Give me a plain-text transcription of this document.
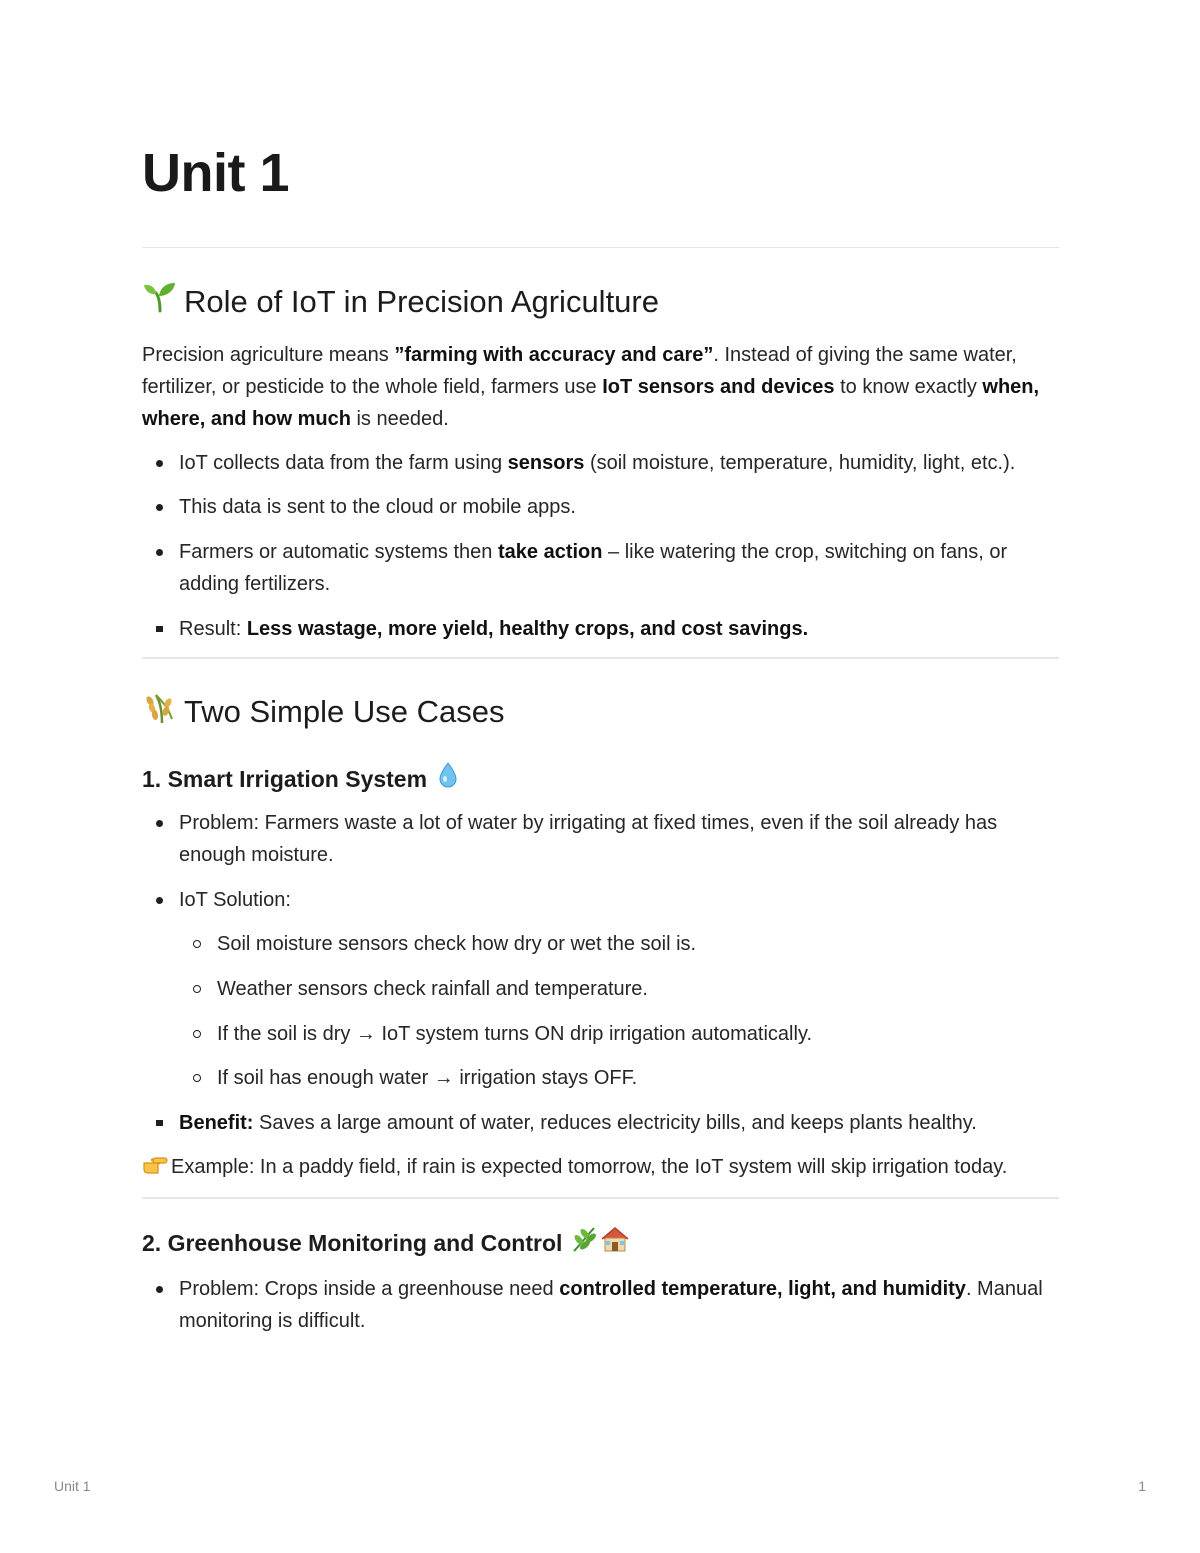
Unit 1
Role of IoT in Precision Agriculture

Precision agriculture means ”farming with accuracy and care”. Instead of giving the same water, fertilizer, or pesticide to the whole field, farmers use IoT sensors and devices to know exactly when, where, and how much is needed.

IoT collects data from the farm using sensors (soil moisture, temperature, humidity, light, etc.).
This data is sent to the cloud or mobile apps.
Farmers or automatic systems then take action – like watering the crop, switching on fans, or adding fertilizers.
Result: Less wastage, more yield, healthy crops, and cost savings.
Two Simple Use Cases
1. Smart Irrigation System
Problem: Farmers waste a lot of water by irrigating at fixed times, even if the soil already has enough moisture.
IoT Solution:
Soil moisture sensors check how dry or wet the soil is.
Weather sensors check rainfall and temperature.
If the soil is dry → IoT system turns ON drip irrigation automatically.
If soil has enough water → irrigation stays OFF.
Benefit: Saves a large amount of water, reduces electricity bills, and keeps plants healthy.

Example: In a paddy field, if rain is expected tomorrow, the IoT system will skip irrigation today.

2. Greenhouse Monitoring and Control
Problem: Crops inside a greenhouse need controlled temperature, light, and humidity. Manual monitoring is difficult.
Unit 1	1
